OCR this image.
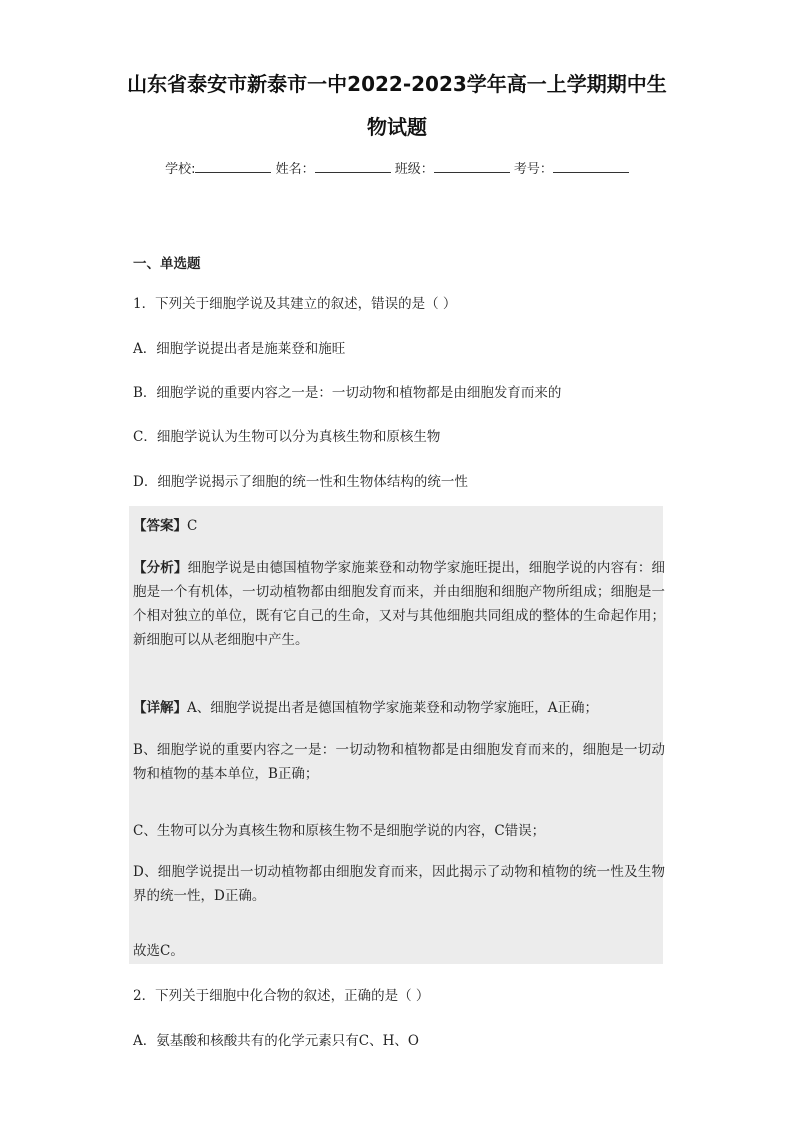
山东省泰安市新泰市一中2022-2023学年高一上学期期中生
物试题
学校:	姓名：	班级：	考号：
一、单选题
1．下列关于细胞学说及其建立的叙述，错误的是（ ）
A．细胞学说提出者是施莱登和施旺
B．细胞学说的重要内容之一是：一切动物和植物都是由细胞发育而来的
C．细胞学说认为生物可以分为真核生物和原核生物
D．细胞学说揭示了细胞的统一性和生物体结构的统一性
【答案】C

【分析】细胞学说是由德国植物学家施莱登和动物学家施旺提出，细胞学说的内容有：细胞是一个有机体，一切动植物都由细胞发育而来，并由细胞和细胞产物所组成；细胞是一个相对独立的单位，既有它自己的生命，又对与其他细胞共同组成的整体的生命起作用；新细胞可以从老细胞中产生。

【详解】A、细胞学说提出者是德国植物学家施莱登和动物学家施旺，A正确；

B、细胞学说的重要内容之一是：一切动物和植物都是由细胞发育而来的，细胞是一切动物和植物的基本单位，B正确；

C、生物可以分为真核生物和原核生物不是细胞学说的内容，C错误；

D、细胞学说提出一切动植物都由细胞发育而来，因此揭示了动物和植物的统一性及生物界的统一性，D正确。

故选C。
2．下列关于细胞中化合物的叙述，正确的是（ ）
A．氨基酸和核酸共有的化学元素只有C、H、O
